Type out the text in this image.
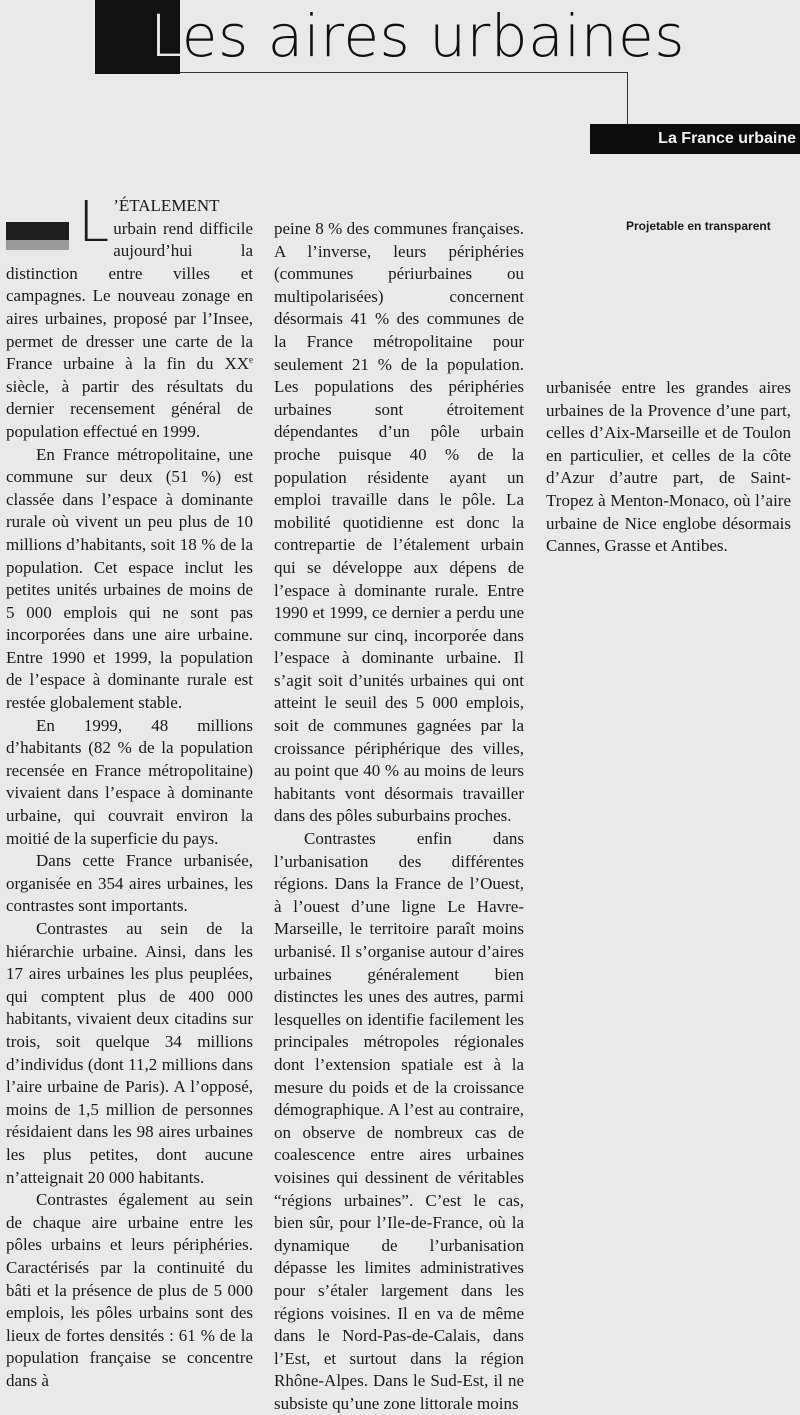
Les aires urbaines
La France urbaine
Projetable en transparent

L ’ÉTALEMENT urbain rend difficile aujourd’hui la distinction entre villes et campagnes. Le nouveau zonage en aires urbaines, proposé par l’Insee, permet de dresser une carte de la France urbaine à la fin du XXe siècle, à partir des résultats du dernier recensement général de population effectué en 1999.

En France métropolitaine, une commune sur deux (51 %) est classée dans l’espace à dominante rurale où vivent un peu plus de 10 millions d’habitants, soit 18 % de la population. Cet espace inclut les petites unités urbaines de moins de 5 000 emplois qui ne sont pas incorporées dans une aire urbaine. Entre 1990 et 1999, la population de l’espace à dominante rurale est restée globalement stable.

En 1999, 48 millions d’habitants (82 % de la population recensée en France métropolitaine) vivaient dans l’espace à dominante urbaine, qui couvrait environ la moitié de la superficie du pays.

Dans cette France urbanisée, organisée en 354 aires urbaines, les contrastes sont importants.

Contrastes au sein de la hiérarchie urbaine. Ainsi, dans les 17 aires urbaines les plus peuplées, qui comptent plus de 400 000 habitants, vivaient deux citadins sur trois, soit quelque 34 millions d’individus (dont 11,2 millions dans l’aire urbaine de Paris). A l’opposé, moins de 1,5 million de personnes résidaient dans les 98 aires urbaines les plus petites, dont aucune n’atteignait 20 000 habitants.

Contrastes également au sein de chaque aire urbaine entre les pôles urbains et leurs périphéries. Caractérisés par la continuité du bâti et la présence de plus de 5 000 emplois, les pôles urbains sont des lieux de fortes densités : 61 % de la population française se concentre dans à

peine 8 % des communes françaises. A l’inverse, leurs périphéries (communes périurbaines ou multipolarisées) concernent désormais 41 % des communes de la France métropolitaine pour seulement 21 % de la population. Les populations des périphéries urbaines sont étroitement dépendantes d’un pôle urbain proche puisque 40 % de la population résidente ayant un emploi travaille dans le pôle. La mobilité quotidienne est donc la contrepartie de l’étalement urbain qui se développe aux dépens de l’espace à dominante rurale. Entre 1990 et 1999, ce dernier a perdu une commune sur cinq, incorporée dans l’espace à dominante urbaine. Il s’agit soit d’unités urbaines qui ont atteint le seuil des 5 000 emplois, soit de communes gagnées par la croissance périphérique des villes, au point que 40 % au moins de leurs habitants vont désormais travailler dans des pôles suburbains proches.

Contrastes enfin dans l’urbanisation des différentes régions. Dans la France de l’Ouest, à l’ouest d’une ligne Le Havre-Marseille, le territoire paraît moins urbanisé. Il s’organise autour d’aires urbaines généralement bien distinctes les unes des autres, parmi lesquelles on identifie facilement les principales métropoles régionales dont l’extension spatiale est à la mesure du poids et de la croissance démographique. A l’est au contraire, on observe de nombreux cas de coalescence entre aires urbaines voisines qui dessinent de véritables “régions urbaines”. C’est le cas, bien sûr, pour l’Ile-de-France, où la dynamique de l’urbanisation dépasse les limites administratives pour s’étaler largement dans les régions voisines. Il en va de même dans le Nord-Pas-de-Calais, dans l’Est, et surtout dans la région Rhône-Alpes. Dans le Sud-Est, il ne subsiste qu’une zone littorale moins

urbanisée entre les grandes aires urbaines de la Provence d’une part, celles d’Aix-Marseille et de Toulon en particulier, et celles de la côte d’Azur d’autre part, de Saint-Tropez à Menton-Monaco, où l’aire urbaine de Nice englobe désormais Cannes, Grasse et Antibes.
